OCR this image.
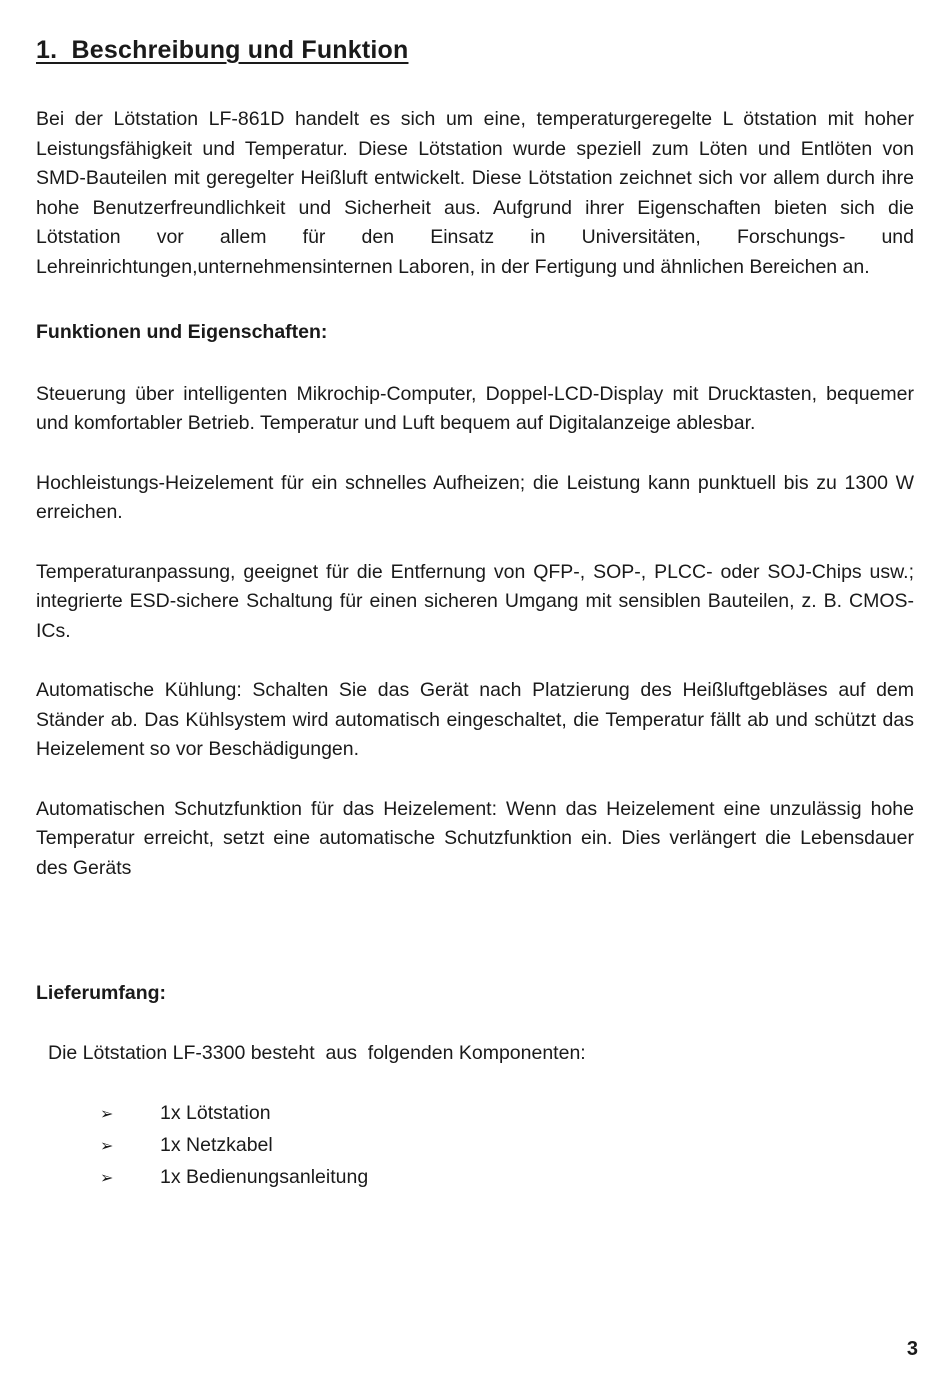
1.  Beschreibung und Funktion

Bei der Lötstation LF-861D handelt es sich um eine, temperaturgeregelte L ötstation mit hoher Leistungsfähigkeit und Temperatur. Diese Lötstation wurde speziell zum Löten und Entlöten von SMD-Bauteilen mit geregelter Heißluft entwickelt. Diese Lötstation zeichnet sich vor allem durch ihre hohe Benutzerfreundlichkeit und Sicherheit aus. Aufgrund ihrer Eigenschaften bieten sich die Lötstation vor allem für den Einsatz in Universitäten, Forschungs- und Lehreinrichtungen,unternehmensinternen Laboren, in der Fertigung und ähnlichen Bereichen an.

Funktionen und Eigenschaften:

Steuerung über intelligenten Mikrochip-Computer, Doppel-LCD-Display mit Drucktasten, bequemer und komfortabler Betrieb. Temperatur und Luft bequem auf Digitalanzeige ablesbar.

Hochleistungs-Heizelement für ein schnelles Aufheizen; die Leistung kann punktuell bis zu 1300 W erreichen.

Temperaturanpassung, geeignet für die Entfernung von QFP-, SOP-, PLCC- oder SOJ-Chips usw.; integrierte ESD-sichere Schaltung für einen sicheren Umgang mit sensiblen Bauteilen, z. B. CMOS-ICs.

Automatische Kühlung: Schalten Sie das Gerät nach Platzierung des Heißluftgebläses auf dem Ständer ab. Das Kühlsystem wird automatisch eingeschaltet, die Temperatur fällt ab und schützt das Heizelement so vor Beschädigungen.

Automatischen Schutzfunktion für das Heizelement: Wenn das Heizelement eine unzulässig hohe Temperatur erreicht, setzt eine automatische Schutzfunktion ein. Dies verlängert die Lebensdauer des Geräts

Lieferumfang:

Die Lötstation LF-3300 besteht  aus  folgenden Komponenten:

➢	1x Lötstation
➢	1x Netzkabel
➢	1x Bedienungsanleitung
3
